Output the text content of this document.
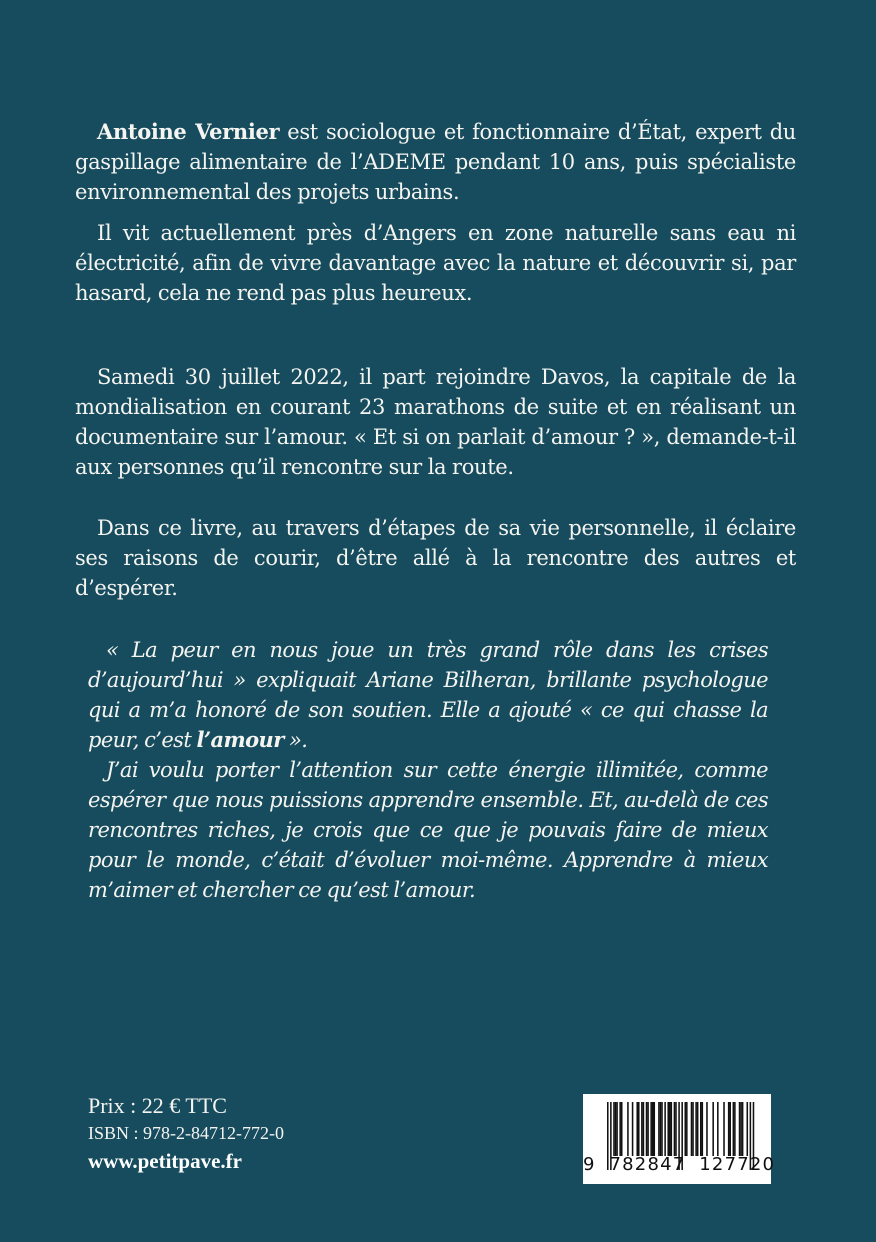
Antoine Vernier est sociologue et fonctionnaire d’État, expert du gaspillage alimentaire de l’ADEME pendant 10 ans, puis spécialiste environnemental des projets urbains.

Il vit actuellement près d’Angers en zone naturelle sans eau ni électricité, afin de vivre davantage avec la nature et découvrir si, par hasard, cela ne rend pas plus heureux.

Samedi 30 juillet 2022, il part rejoindre Davos, la capitale de la mondialisation en courant 23 marathons de suite et en réalisant un documentaire sur l’amour. « Et si on parlait d’amour ? », demande-t-il aux personnes qu’il rencontre sur la route.

Dans ce livre, au travers d’étapes de sa vie personnelle, il éclaire ses raisons de courir, d’être allé à la rencontre des autres et d’espérer.

« La peur en nous joue un très grand rôle dans les crises d’aujourd’hui » expliquait Ariane Bilheran, brillante psychologue qui a m’a honoré de son soutien. Elle a ajouté « ce qui chasse la peur, c’est l’amour ».

J’ai voulu porter l’attention sur cette énergie illimitée, comme espérer que nous puissions apprendre ensemble. Et, au-delà de ces rencontres riches, je crois que ce que je pouvais faire de mieux pour le monde, c’était d’évoluer moi-même. Apprendre à mieux m’aimer et chercher ce qu’est l’amour.

Prix : 22 € TTC
ISBN : 978-2-84712-772-0
www.petitpave.fr	9 782847 127720
